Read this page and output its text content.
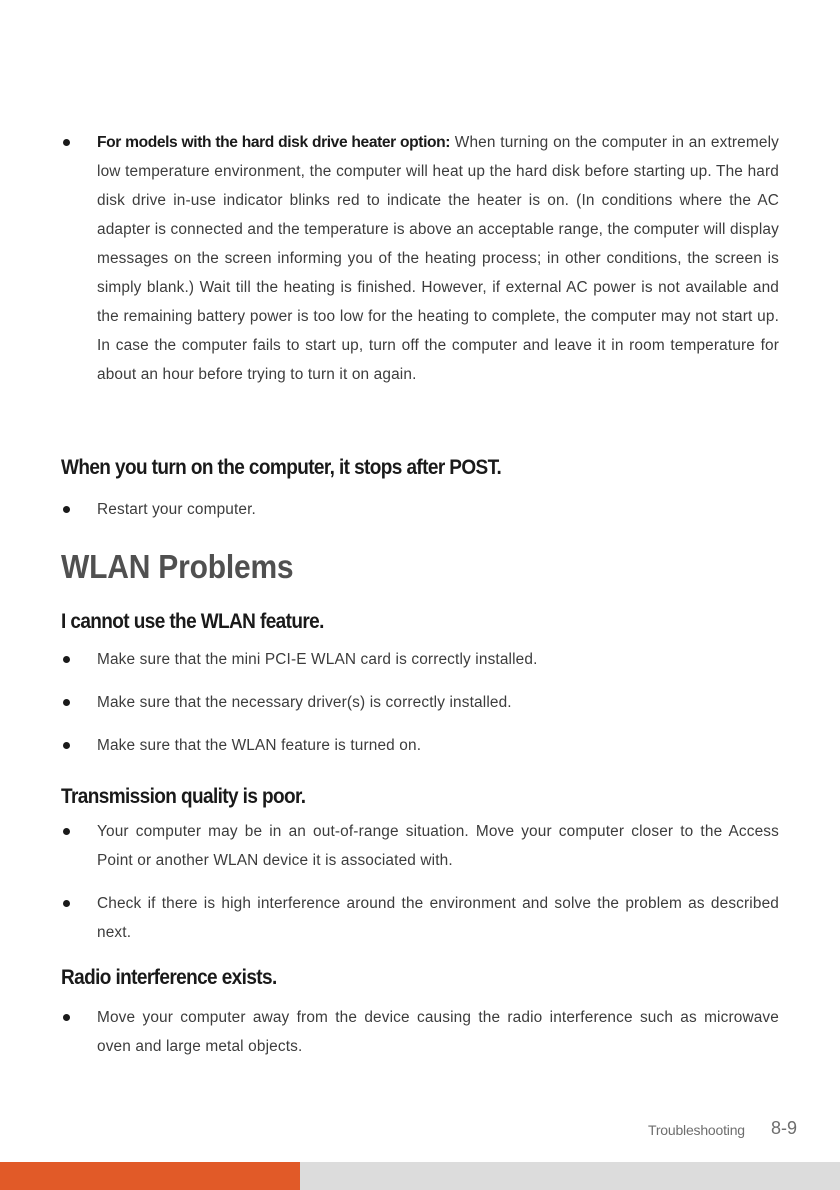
For models with the hard disk drive heater option: When turning on the computer in an extremely low temperature environment, the computer will heat up the hard disk before starting up. The hard disk drive in-use indicator blinks red to indicate the heater is on. (In conditions where the AC adapter is connected and the temperature is above an acceptable range, the computer will display messages on the screen informing you of the heating process; in other conditions, the screen is simply blank.) Wait till the heating is finished. However, if external AC power is not available and the remaining battery power is too low for the heating to complete, the computer may not start up. In case the computer fails to start up, turn off the computer and leave it in room temperature for about an hour before trying to turn it on again.
When you turn on the computer, it stops after POST.
Restart your computer.
WLAN Problems
I cannot use the WLAN feature.
Make sure that the mini PCI-E WLAN card is correctly installed.
Make sure that the necessary driver(s) is correctly installed.
Make sure that the WLAN feature is turned on.
Transmission quality is poor.
Your computer may be in an out-of-range situation. Move your computer closer to the Access Point or another WLAN device it is associated with.
Check if there is high interference around the environment and solve the problem as described next.
Radio interference exists.
Move your computer away from the device causing the radio interference such as microwave oven and large metal objects.
Troubleshooting 8-9
